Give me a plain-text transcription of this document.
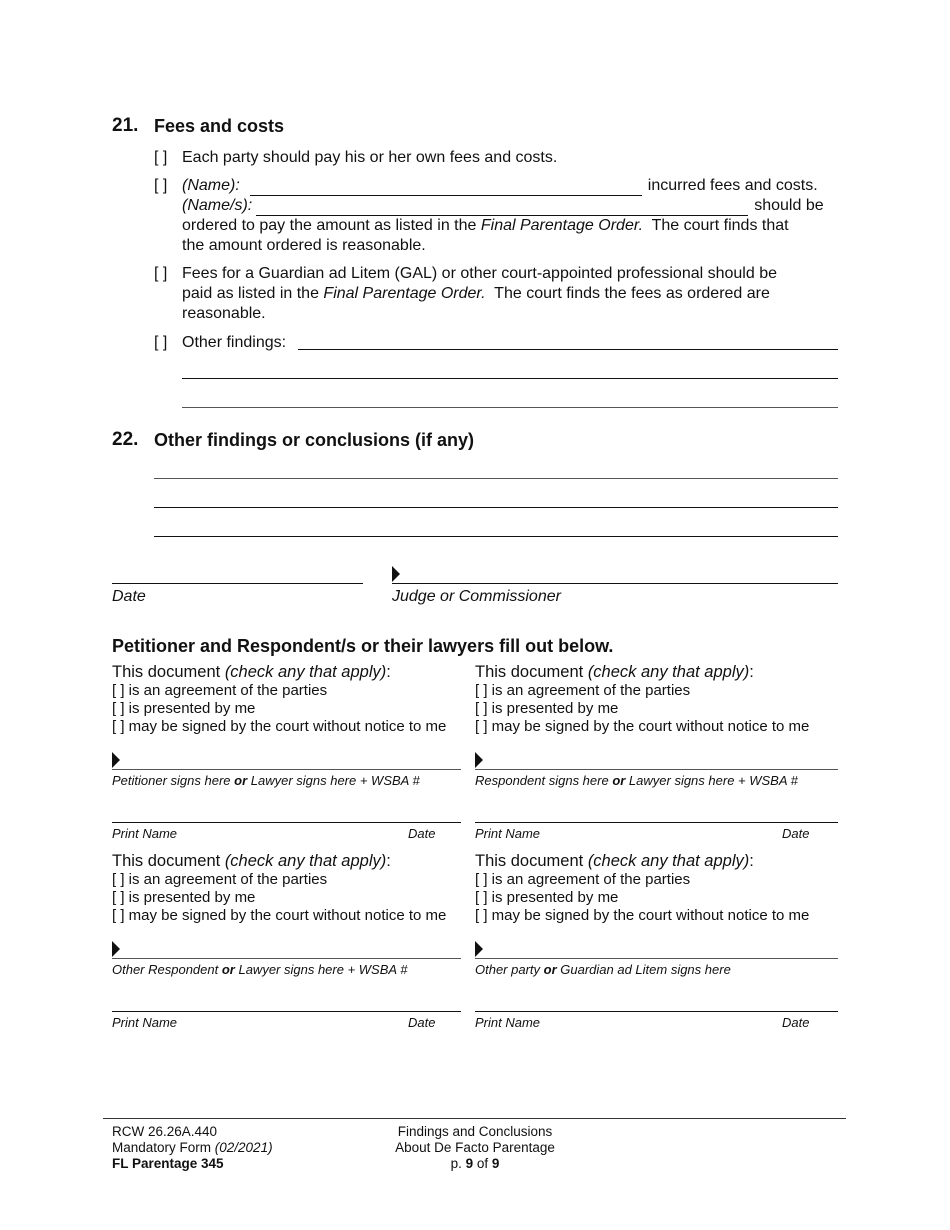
21. Fees and costs
[ ] Each party should pay his or her own fees and costs.
[ ] (Name):	incurred fees and costs.
(Name/s):	should be
ordered to pay the amount as listed in the Final Parentage Order.  The court finds that
the amount ordered is reasonable.
[ ] Fees for a Guardian ad Litem (GAL) or other court-appointed professional should be
paid as listed in the Final Parentage Order.  The court finds the fees as ordered are
reasonable.
[ ] Other findings:
22. Other findings or conclusions (if any)
Date	Judge or Commissioner
Petitioner and Respondent/s or their lawyers fill out below.
This document (check any that apply):
[ ] is an agreement of the parties
[ ] is presented by me
[ ] may be signed by the court without notice to me
Petitioner signs here or Lawyer signs here + WSBA #
Print Name	Date
This document (check any that apply):
[ ] is an agreement of the parties
[ ] is presented by me
[ ] may be signed by the court without notice to me
Respondent signs here or Lawyer signs here + WSBA #
Print Name	Date
This document (check any that apply):
[ ] is an agreement of the parties
[ ] is presented by me
[ ] may be signed by the court without notice to me
Other Respondent or Lawyer signs here + WSBA #
Print Name	Date
This document (check any that apply):
[ ] is an agreement of the parties
[ ] is presented by me
[ ] may be signed by the court without notice to me
Other party or Guardian ad Litem signs here
Print Name	Date
RCW 26.26A.440
Mandatory Form (02/2021)
FL Parentage 345
Findings and Conclusions
About De Facto Parentage
p. 9 of 9
